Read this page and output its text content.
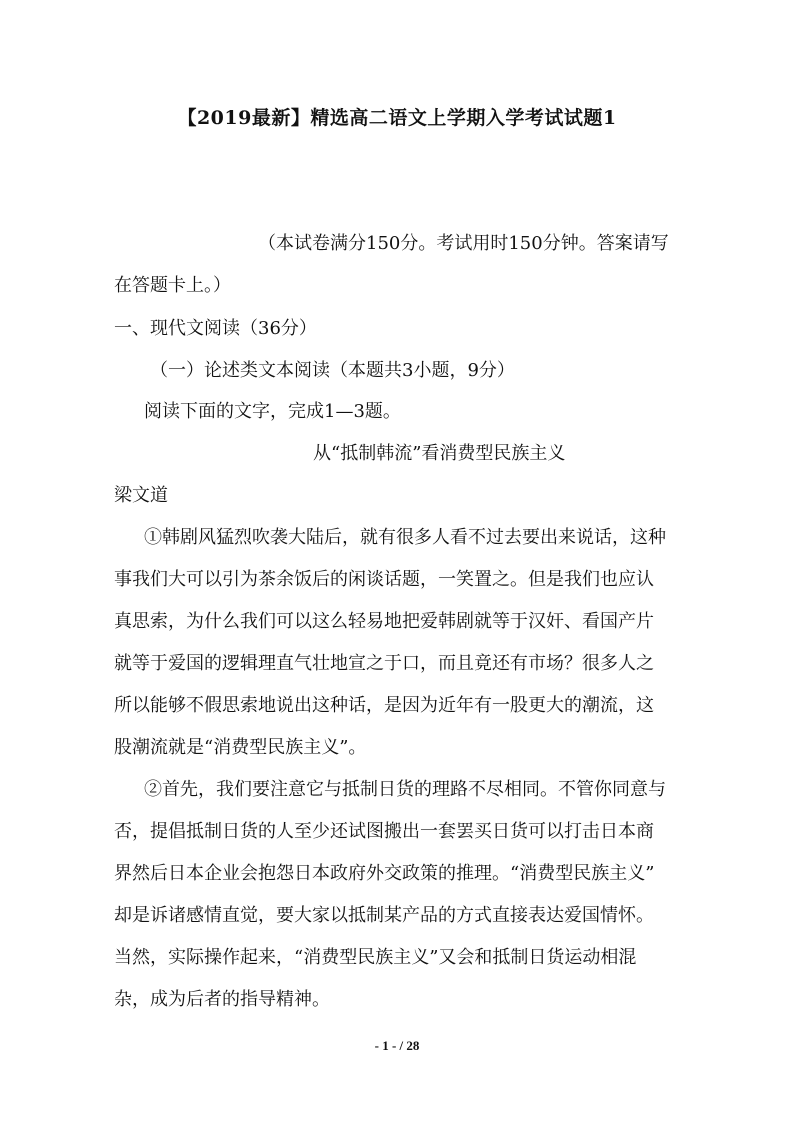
【2019最新】精选高二语文上学期入学考试试题1
（本试卷满分150分。考试用时150分钟。答案请写
在答题卡上。）
一、现代文阅读（36分）
（一）论述类文本阅读（本题共3小题，9分）
阅读下面的文字，完成1—3题。
从“抵制韩流”看消费型民族主义
梁文道
①韩剧风猛烈吹袭大陆后，就有很多人看不过去要出来说话，这种
事我们大可以引为茶余饭后的闲谈话题，一笑置之。但是我们也应认
真思索，为什么我们可以这么轻易地把爱韩剧就等于汉奸、看国产片
就等于爱国的逻辑理直气壮地宣之于口，而且竟还有市场？很多人之
所以能够不假思索地说出这种话，是因为近年有一股更大的潮流，这
股潮流就是“消费型民族主义”。
②首先，我们要注意它与抵制日货的理路不尽相同。不管你同意与
否，提倡抵制日货的人至少还试图搬出一套罢买日货可以打击日本商
界然后日本企业会抱怨日本政府外交政策的推理。“消费型民族主义”
却是诉诸感情直觉，要大家以抵制某产品的方式直接表达爱国情怀。
当然，实际操作起来，“消费型民族主义”又会和抵制日货运动相混
杂，成为后者的指导精神。
- 1 - / 28
